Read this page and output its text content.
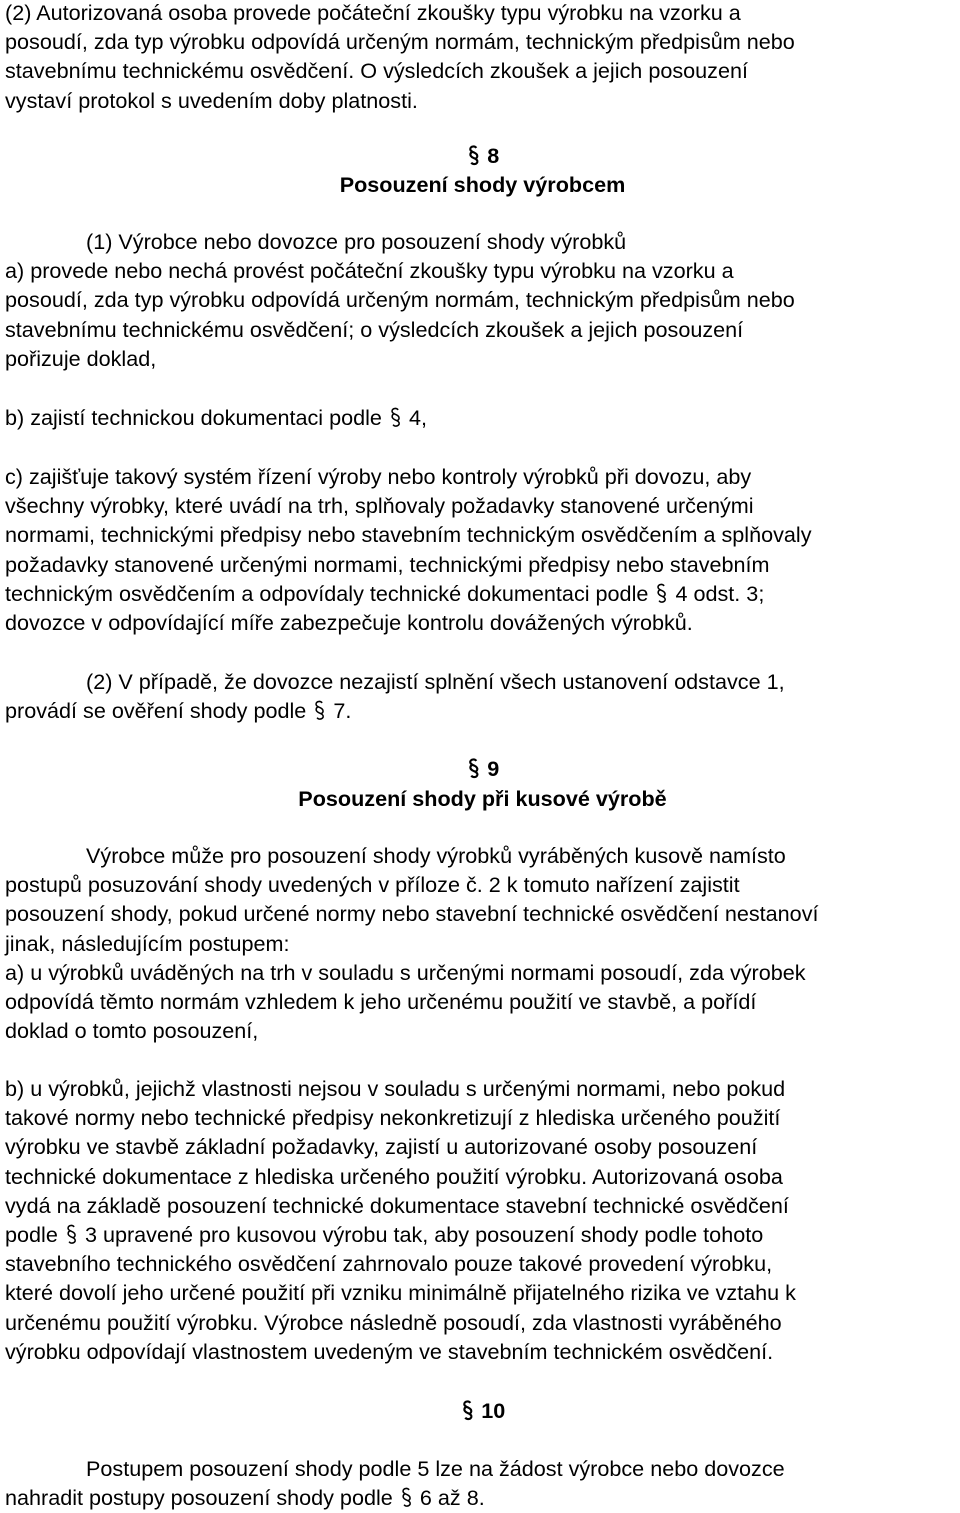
(2) Autorizovaná osoba provede počáteční zkoušky typu výrobku na vzorku a
posoudí, zda typ výrobku odpovídá určeným normám, technickým předpisům nebo
stavebnímu technickému osvědčení. O výsledcích zkoušek a jejich posouzení
vystaví protokol s uvedením doby platnosti.
8
Posouzení shody výrobcem
(1) Výrobce nebo dovozce pro posouzení shody výrobků
a) provede nebo nechá provést počáteční zkoušky typu výrobku na vzorku a
posoudí, zda typ výrobku odpovídá určeným normám, technickým předpisům nebo
stavebnímu technickému osvědčení; o výsledcích zkoušek a jejich posouzení
pořizuje doklad,
b) zajistí technickou dokumentaci podle
4,
c) zajišťuje takový systém řízení výroby nebo kontroly výrobků při dovozu, aby
všechny výrobky, které uvádí na trh, splňovaly požadavky stanovené určenými
normami, technickými předpisy nebo stavebním technickým osvědčením a splňovaly
požadavky stanovené určenými normami, technickými předpisy nebo stavebním
technickým osvědčením a odpovídaly technické dokumentaci podle
4 odst. 3;
dovozce v odpovídající míře zabezpečuje kontrolu dovážených výrobků.
(2) V případě, že dovozce nezajistí splnění všech ustanovení odstavce 1,
provádí se ověření shody podle
7.
9
Posouzení shody při kusové výrobě
Výrobce může pro posouzení shody výrobků vyráběných kusově namísto
postupů posuzování shody uvedených v příloze č. 2 k tomuto nařízení zajistit
posouzení shody, pokud určené normy nebo stavební technické osvědčení nestanoví
jinak, následujícím postupem:
a) u výrobků uváděných na trh v souladu s určenými normami posoudí, zda výrobek
odpovídá těmto normám vzhledem k jeho určenému použití ve stavbě, a pořídí
doklad o tomto posouzení,
b) u výrobků, jejichž vlastnosti nejsou v souladu s určenými normami, nebo pokud
takové normy nebo technické předpisy nekonkretizují z hlediska určeného použití
výrobku ve stavbě základní požadavky, zajistí u autorizované osoby posouzení
technické dokumentace z hlediska určeného použití výrobku. Autorizovaná osoba
vydá na základě posouzení technické dokumentace stavební technické osvědčení
podle
3 upravené pro kusovou výrobu tak, aby posouzení shody podle tohoto
stavebního technického osvědčení zahrnovalo pouze takové provedení výrobku,
které dovolí jeho určené použití při vzniku minimálně přijatelného rizika ve vztahu k
určenému použití výrobku. Výrobce následně posoudí, zda vlastnosti vyráběného
výrobku odpovídají vlastnostem uvedeným ve stavebním technickém osvědčení.
10
Postupem posouzení shody podle 5 lze na žádost výrobce nebo dovozce
nahradit postupy posouzení shody podle
6 až 8.
